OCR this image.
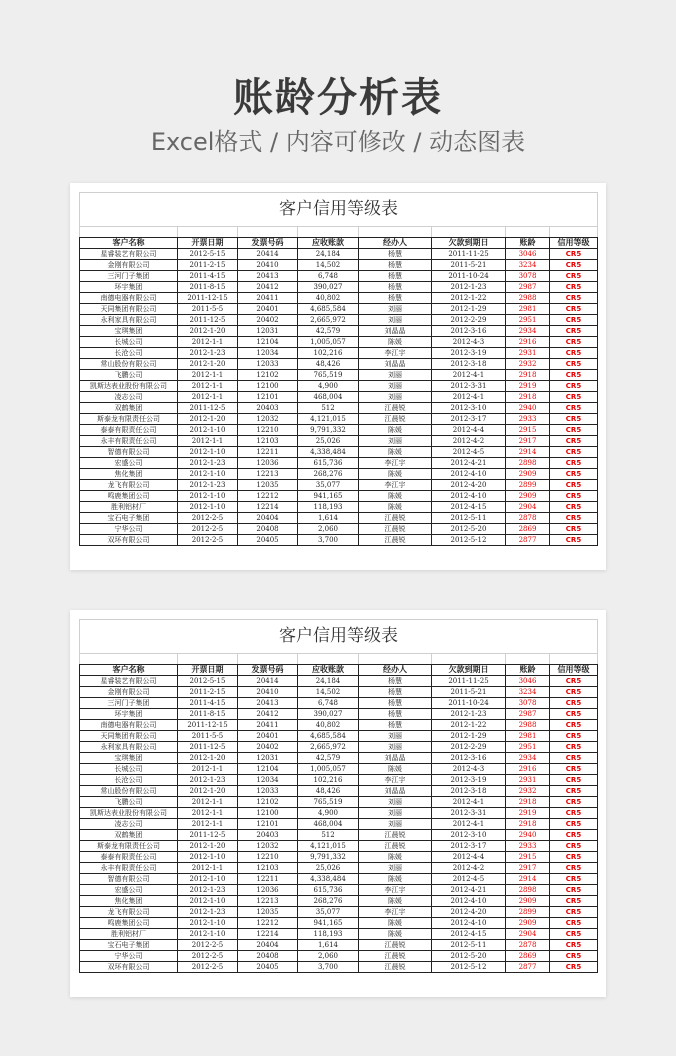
账龄分析表
Excel格式 / 内容可修改 / 动态图表
客户信用等级表							

客户名称	开票日期	发票号码	应收账款	经办人	欠款到期日	账龄	信用等级
星睿装艺有限公司	2012-5-15	20414	24,184	杨慧	2011-11-25	3046	CR5
金刚有限公司	2011-2-15	20410	14,502	杨慧	2011-5-21	3234	CR5
三河门子集团	2011-4-15	20413	6,748	杨慧	2011-10-24	3078	CR5
环宇集团	2011-8-15	20412	390,027	杨慧	2012-1-23	2987	CR5
南德电器有限公司	2011-12-15	20411	40,802	杨慧	2012-1-22	2988	CR5
天同集团有限公司	2011-5-5	20401	4,685,584	刘丽	2012-1-29	2981	CR5
永利家具有限公司	2011-12-5	20402	2,665,972	刘丽	2012-2-29	2951	CR5
宝琪集团	2012-1-20	12031	42,579	刘晶晶	2012-3-16	2934	CR5
长城公司	2012-1-1	12104	1,005,057	陈媛	2012-4-3	2916	CR5
长沧公司	2012-1-23	12034	102,216	李江宇	2012-3-19	2931	CR5
常山股份有限公司	2012-1-20	12033	48,426	刘晶晶	2012-3-18	2932	CR5
飞鹏公司	2012-1-1	12102	765,519	刘丽	2012-4-1	2918	CR5
凯斯达表业股份有限公司	2012-1-1	12100	4,900	刘丽	2012-3-31	2919	CR5
凌志公司	2012-1-1	12101	468,004	刘丽	2012-4-1	2918	CR5
双鹤集团	2011-12-5	20403	512	江晨锐	2012-3-10	2940	CR5
斯泰龙有限责任公司	2012-1-20	12032	4,121,015	江晨锐	2012-3-17	2933	CR5
泰泰有限责任公司	2012-1-10	12210	9,791,332	陈媛	2012-4-4	2915	CR5
永丰有限责任公司	2012-1-1	12103	25,026	刘丽	2012-4-2	2917	CR5
智德有限公司	2012-1-10	12211	4,338,484	陈媛	2012-4-5	2914	CR5
宏盛公司	2012-1-23	12036	615,736	李江宇	2012-4-21	2898	CR5
焦化集团	2012-1-10	12213	268,276	陈媛	2012-4-10	2909	CR5
龙飞有限公司	2012-1-23	12035	35,077	李江宇	2012-4-20	2899	CR5
鸣鹿集团公司	2012-1-10	12212	941,165	陈媛	2012-4-10	2909	CR5
胜利铝材厂	2012-1-10	12214	118,193	陈媛	2012-4-15	2904	CR5
宝石电子集团	2012-2-5	20404	1,614	江晨锐	2012-5-11	2878	CR5
宁华公司	2012-2-5	20408	2,060	江晨锐	2012-5-20	2869	CR5
双环有限公司	2012-2-5	20405	3,700	江晨锐	2012-5-12	2877	CR5
客户信用等级表							

客户名称	开票日期	发票号码	应收账款	经办人	欠款到期日	账龄	信用等级
星睿装艺有限公司	2012-5-15	20414	24,184	杨慧	2011-11-25	3046	CR5
金刚有限公司	2011-2-15	20410	14,502	杨慧	2011-5-21	3234	CR5
三河门子集团	2011-4-15	20413	6,748	杨慧	2011-10-24	3078	CR5
环宇集团	2011-8-15	20412	390,027	杨慧	2012-1-23	2987	CR5
南德电器有限公司	2011-12-15	20411	40,802	杨慧	2012-1-22	2988	CR5
天同集团有限公司	2011-5-5	20401	4,685,584	刘丽	2012-1-29	2981	CR5
永利家具有限公司	2011-12-5	20402	2,665,972	刘丽	2012-2-29	2951	CR5
宝琪集团	2012-1-20	12031	42,579	刘晶晶	2012-3-16	2934	CR5
长城公司	2012-1-1	12104	1,005,057	陈媛	2012-4-3	2916	CR5
长沧公司	2012-1-23	12034	102,216	李江宇	2012-3-19	2931	CR5
常山股份有限公司	2012-1-20	12033	48,426	刘晶晶	2012-3-18	2932	CR5
飞鹏公司	2012-1-1	12102	765,519	刘丽	2012-4-1	2918	CR5
凯斯达表业股份有限公司	2012-1-1	12100	4,900	刘丽	2012-3-31	2919	CR5
凌志公司	2012-1-1	12101	468,004	刘丽	2012-4-1	2918	CR5
双鹤集团	2011-12-5	20403	512	江晨锐	2012-3-10	2940	CR5
斯泰龙有限责任公司	2012-1-20	12032	4,121,015	江晨锐	2012-3-17	2933	CR5
泰泰有限责任公司	2012-1-10	12210	9,791,332	陈媛	2012-4-4	2915	CR5
永丰有限责任公司	2012-1-1	12103	25,026	刘丽	2012-4-2	2917	CR5
智德有限公司	2012-1-10	12211	4,338,484	陈媛	2012-4-5	2914	CR5
宏盛公司	2012-1-23	12036	615,736	李江宇	2012-4-21	2898	CR5
焦化集团	2012-1-10	12213	268,276	陈媛	2012-4-10	2909	CR5
龙飞有限公司	2012-1-23	12035	35,077	李江宇	2012-4-20	2899	CR5
鸣鹿集团公司	2012-1-10	12212	941,165	陈媛	2012-4-10	2909	CR5
胜利铝材厂	2012-1-10	12214	118,193	陈媛	2012-4-15	2904	CR5
宝石电子集团	2012-2-5	20404	1,614	江晨锐	2012-5-11	2878	CR5
宁华公司	2012-2-5	20408	2,060	江晨锐	2012-5-20	2869	CR5
双环有限公司	2012-2-5	20405	3,700	江晨锐	2012-5-12	2877	CR5
